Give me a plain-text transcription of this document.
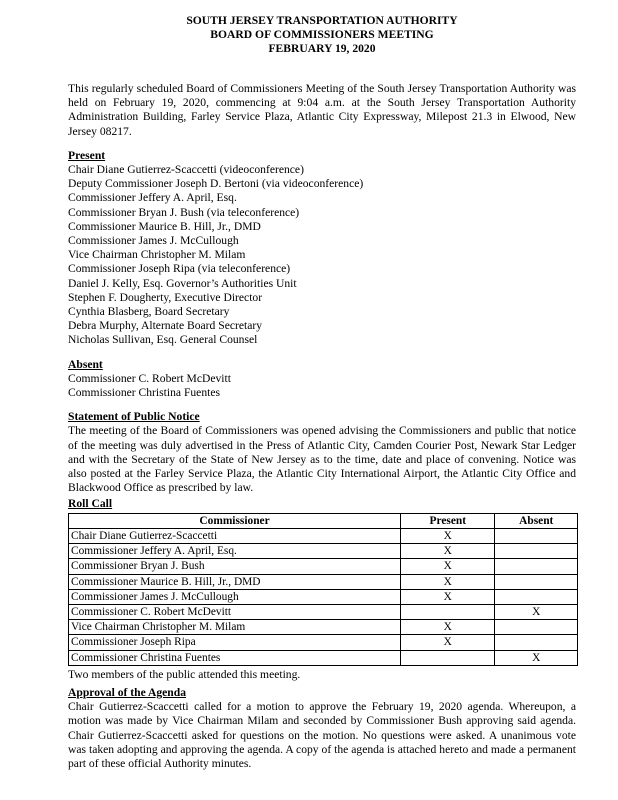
SOUTH JERSEY TRANSPORTATION AUTHORITY
BOARD OF COMMISSIONERS MEETING
FEBRUARY 19, 2020
This regularly scheduled Board of Commissioners Meeting of the South Jersey Transportation Authority was held on February 19, 2020, commencing at 9:04 a.m. at the South Jersey Transportation Authority Administration Building, Farley Service Plaza, Atlantic City Expressway, Milepost 21.3 in Elwood, New Jersey 08217.
Present
Chair Diane Gutierrez-Scaccetti (videoconference)
Deputy Commissioner Joseph D. Bertoni (via videoconference)
Commissioner Jeffery A. April, Esq.
Commissioner Bryan J. Bush (via teleconference)
Commissioner Maurice B. Hill, Jr., DMD
Commissioner James J. McCullough
Vice Chairman Christopher M. Milam
Commissioner Joseph Ripa (via teleconference)
Daniel J. Kelly, Esq. Governor’s Authorities Unit
Stephen F. Dougherty, Executive Director
Cynthia Blasberg, Board Secretary
Debra Murphy, Alternate Board Secretary
Nicholas Sullivan, Esq. General Counsel
Absent
Commissioner C. Robert McDevitt
Commissioner Christina Fuentes
Statement of Public Notice
The meeting of the Board of Commissioners was opened advising the Commissioners and public that notice of the meeting was duly advertised in the Press of Atlantic City, Camden Courier Post, Newark Star Ledger and with the Secretary of the State of New Jersey as to the time, date and place of convening. Notice was also posted at the Farley Service Plaza, the Atlantic City International Airport, the Atlantic City Office and Blackwood Office as prescribed by law.
Roll Call
Commissioner	Present	Absent
Chair Diane Gutierrez-Scaccetti	X	
Commissioner Jeffery A. April, Esq.	X	
Commissioner Bryan J. Bush	X	
Commissioner Maurice B. Hill, Jr., DMD	X	
Commissioner James J. McCullough	X	
Commissioner C. Robert McDevitt		X
Vice Chairman Christopher M. Milam	X	
Commissioner Joseph Ripa	X	
Commissioner Christina Fuentes		X
Two members of the public attended this meeting.
Approval of the Agenda
Chair Gutierrez-Scaccetti called for a motion to approve the February 19, 2020 agenda. Whereupon, a motion was made by Vice Chairman Milam and seconded by Commissioner Bush approving said agenda. Chair Gutierrez-Scaccetti asked for questions on the motion. No questions were asked. A unanimous vote was taken adopting and approving the agenda. A copy of the agenda is attached hereto and made a permanent part of these official Authority minutes.
